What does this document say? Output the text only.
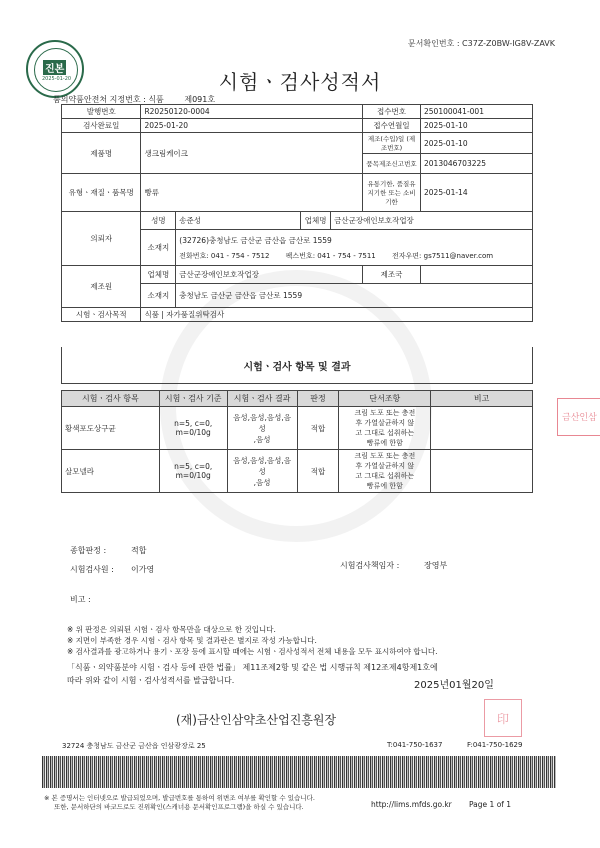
문서확인번호 : C37Z-Z0BW-IG8V-ZAVK
진본
2025-01-20	시험ㆍ검사성적서
품의약품안전처 지정번호 : 식품	제091호
발행번호	R20250120-0004				접수번호	250100041-001
검사완료일	2025-01-20				접수연월일	2025-01-10
제품명	생크림케이크				제조(수입)일 (제조번호)	2025-01-10
					품목제조신고번호	2013046703225
유형ㆍ재질ㆍ품목명	빵류				유통기한, 품질유지기한 또는 소비기한	2025-01-14
의뢰자	성명	송준성	업체명	금산군장애인보호작업장		
	소재지	(32726)충청남도 금산군 금산읍 금산로 1559
전화번호: 041 - 754 - 7512 팩스번호: 041 - 754 - 7511 전자우편: gs7511@naver.com				

제조원	업체명	금산군장애인보호작업장			제조국	
	소재지	충청남도 금산군 금산읍 금산로 1559				
시험ㆍ검사목적	식품 | 자가품질위탁검사					
시험ㆍ검사 항목 및 결과
시험ㆍ검사 항목	시험ㆍ검사 기준	시험ㆍ검사 결과	판정	단서조항	비고
황색포도상구균	n=5, c=0,
m=0/10g	음성,음성,음성,음성
,음성	적합	크림 도포 또는 충전
후 가열살균하지 않
고 그대로 섭취하는
빵류에 한함	
살모넬라	n=5, c=0,
m=0/10g	음성,음성,음성,음성
,음성	적합	크림 도포 또는 충전
후 가열살균하지 않
고 그대로 섭취하는
빵류에 한함	
금산인삼
종합판정 :	적합
시험검사원 : 이가영	시험검사책임자 :	장영부
비고 :
※ 위 판정은 의뢰된 시험ㆍ검사 항목만을 대상으로 한 것입니다.
※ 지면이 부족한 경우 시험ㆍ검사 항목 및 결과란은 별지로 작성 가능합니다.
※ 검사결과를 광고하거나 용기ㆍ포장 등에 표시할 때에는 시험ㆍ검사성적서 전체 내용을 모두 표시하여야 합니다.
「식품ㆍ의약품분야 시험ㆍ검사 등에 관한 법률」 제11조제2항 및 같은 법 시행규칙 제12조제4항제1호에
따라 위와 같이 시험ㆍ검사성적서를 발급합니다.	2025년01월20일
(재)금산인삼약초산업진흥원장	印
32724 충청남도 금산군 금산읍 인삼광장로 25	T:041-750-1637	F:041-750-1629
※ 본 증명서는 인터넷으로 발급되었으며, 발급번호를 통하여 위변조 여부를 확인할 수 있습니다.
또한, 문서하단의 바코드로도 진위확인(스캐너용 문서확인프로그램)을 하실 수 있습니다.	http://lims.mfds.go.kr Page 1 of 1
